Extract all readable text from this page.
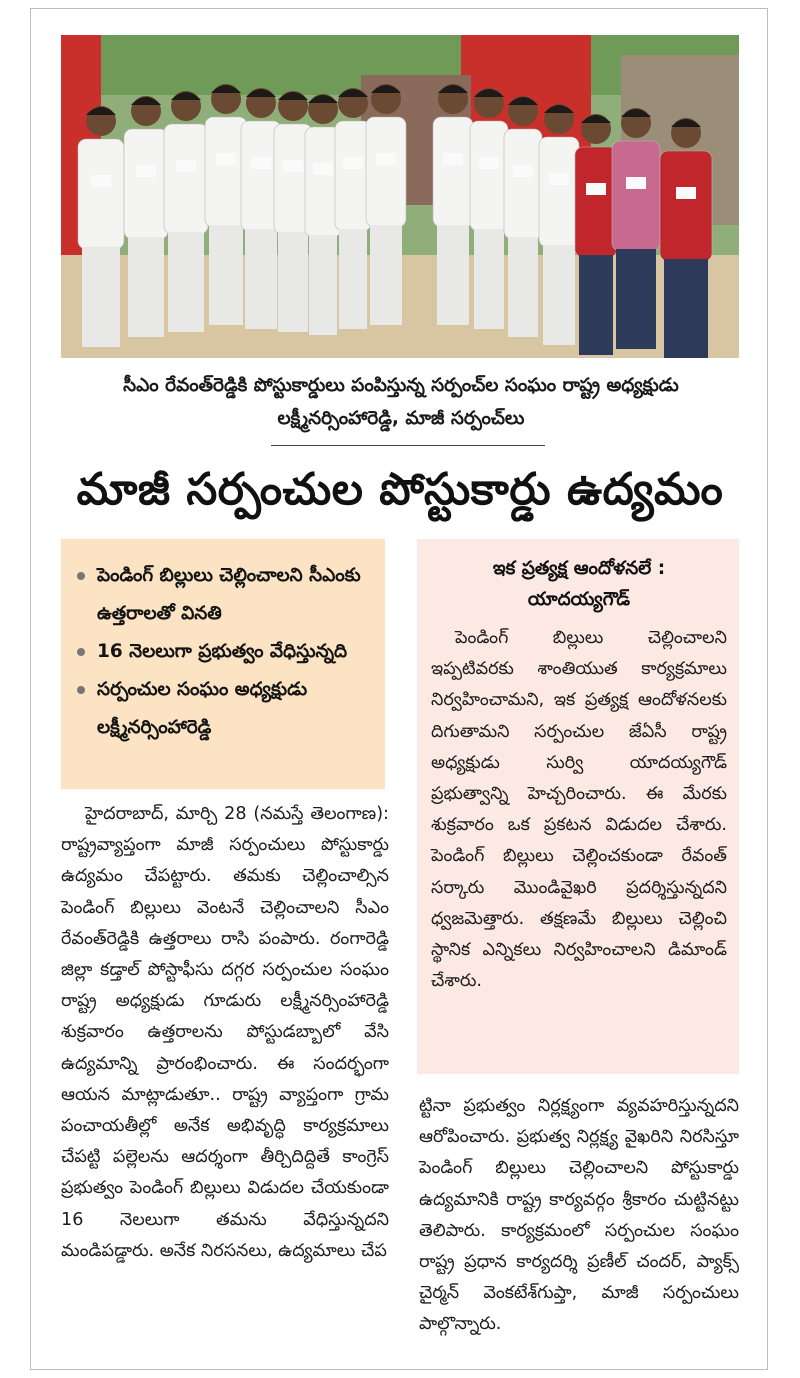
సీఎం రేవంత్‌రెడ్డికి పోస్టుకార్డులు పంపిస్తున్న సర్పంచ్‌ల సంఘం రాష్ట్ర అధ్యక్షుడు
లక్ష్మీనర్సింహారెడ్డి, మాజీ సర్పంచ్‌లు
మాజీ సర్పంచుల పోస్టుకార్డు ఉద్యమం
పెండింగ్‌ బిల్లులు చెల్లించాలని సీఎంకు ఉత్తరాలతో వినతి
16 నెలలుగా ప్రభుత్వం వేధిస్తున్నది
సర్పంచుల సంఘం అధ్యక్షుడు లక్ష్మీనర్సింహారెడ్డి
ఇక ప్రత్యక్ష ఆందోళనలే :
యాదయ్యగౌడ్‌

పెండింగ్‌ బిల్లులు చెల్లించాలని ఇప్పటివరకు శాంతియుత కార్యక్రమాలు నిర్వహించామని, ఇక ప్రత్యక్ష ఆందోళనలకు దిగుతామని సర్పంచుల జేఏసీ రాష్ట్ర అధ్యక్షుడు సుర్వి యాదయ్యగౌడ్‌ ప్రభుత్వాన్ని హెచ్చరించారు. ఈ మేరకు శుక్రవారం ఒక ప్రకటన విడుదల చేశారు. పెండింగ్‌ బిల్లులు చెల్లించకుండా రేవంత్‌ సర్కారు మొండివైఖరి ప్రదర్శిస్తున్నదని ధ్వజమెత్తారు. తక్షణమే బిల్లులు చెల్లించి స్థానిక ఎన్నికలు నిర్వహించాలని డిమాండ్‌ చేశారు.

హైదరాబాద్‌, మార్చి 28 (నమస్తే తెలంగాణ): రాష్ట్రవ్యాప్తంగా మాజీ సర్పంచులు పోస్టుకార్డు ఉద్యమం చేపట్టారు. తమకు చెల్లించాల్సిన పెండింగ్‌ బిల్లులు వెంటనే చెల్లించాలని సీఎం రేవంత్‌రెడ్డికి ఉత్తరాలు రాసి పంపారు. రంగారెడ్డి జిల్లా కడ్తాల్‌ పోస్టాఫీసు దగ్గర సర్పంచుల సంఘం రాష్ట్ర అధ్యక్షుడు గూడురు లక్ష్మీనర్సింహారెడ్డి శుక్రవారం ఉత్తరాలను పోస్టుడబ్బాలో వేసి ఉద్యమాన్ని ప్రారంభించారు. ఈ సందర్భంగా ఆయన మాట్లాడుతూ.. రాష్ట్ర వ్యాప్తంగా గ్రామ పంచాయతీల్లో అనేక అభివృద్ధి కార్యక్రమాలు చేపట్టి పల్లెలను ఆదర్శంగా తీర్చిదిద్దితే కాంగ్రెస్‌ ప్రభుత్వం పెండింగ్‌ బిల్లులు విడుదల చేయకుండా 16 నెలలుగా తమను వేధిస్తున్నదని మండిపడ్డారు. అనేక నిరసనలు, ఉద్యమాలు చేప

ట్టినా ప్రభుత్వం నిర్లక్ష్యంగా వ్యవహరిస్తున్నదని ఆరోపించారు. ప్రభుత్వ నిర్లక్ష్య వైఖరిని నిరసిస్తూ పెండింగ్‌ బిల్లులు చెల్లించాలని పోస్టుకార్డు ఉద్యమానికి రాష్ట్ర కార్యవర్గం శ్రీకారం చుట్టినట్టు తెలిపారు. కార్యక్రమంలో సర్పంచుల సంఘం రాష్ట్ర ప్రధాన కార్యదర్శి ప్రణీల్‌ చందర్‌, ప్యాక్స్‌ చైర్మన్‌ వెంకటేశ్‌గుప్తా, మాజీ సర్పంచులు పాల్గొన్నారు.
